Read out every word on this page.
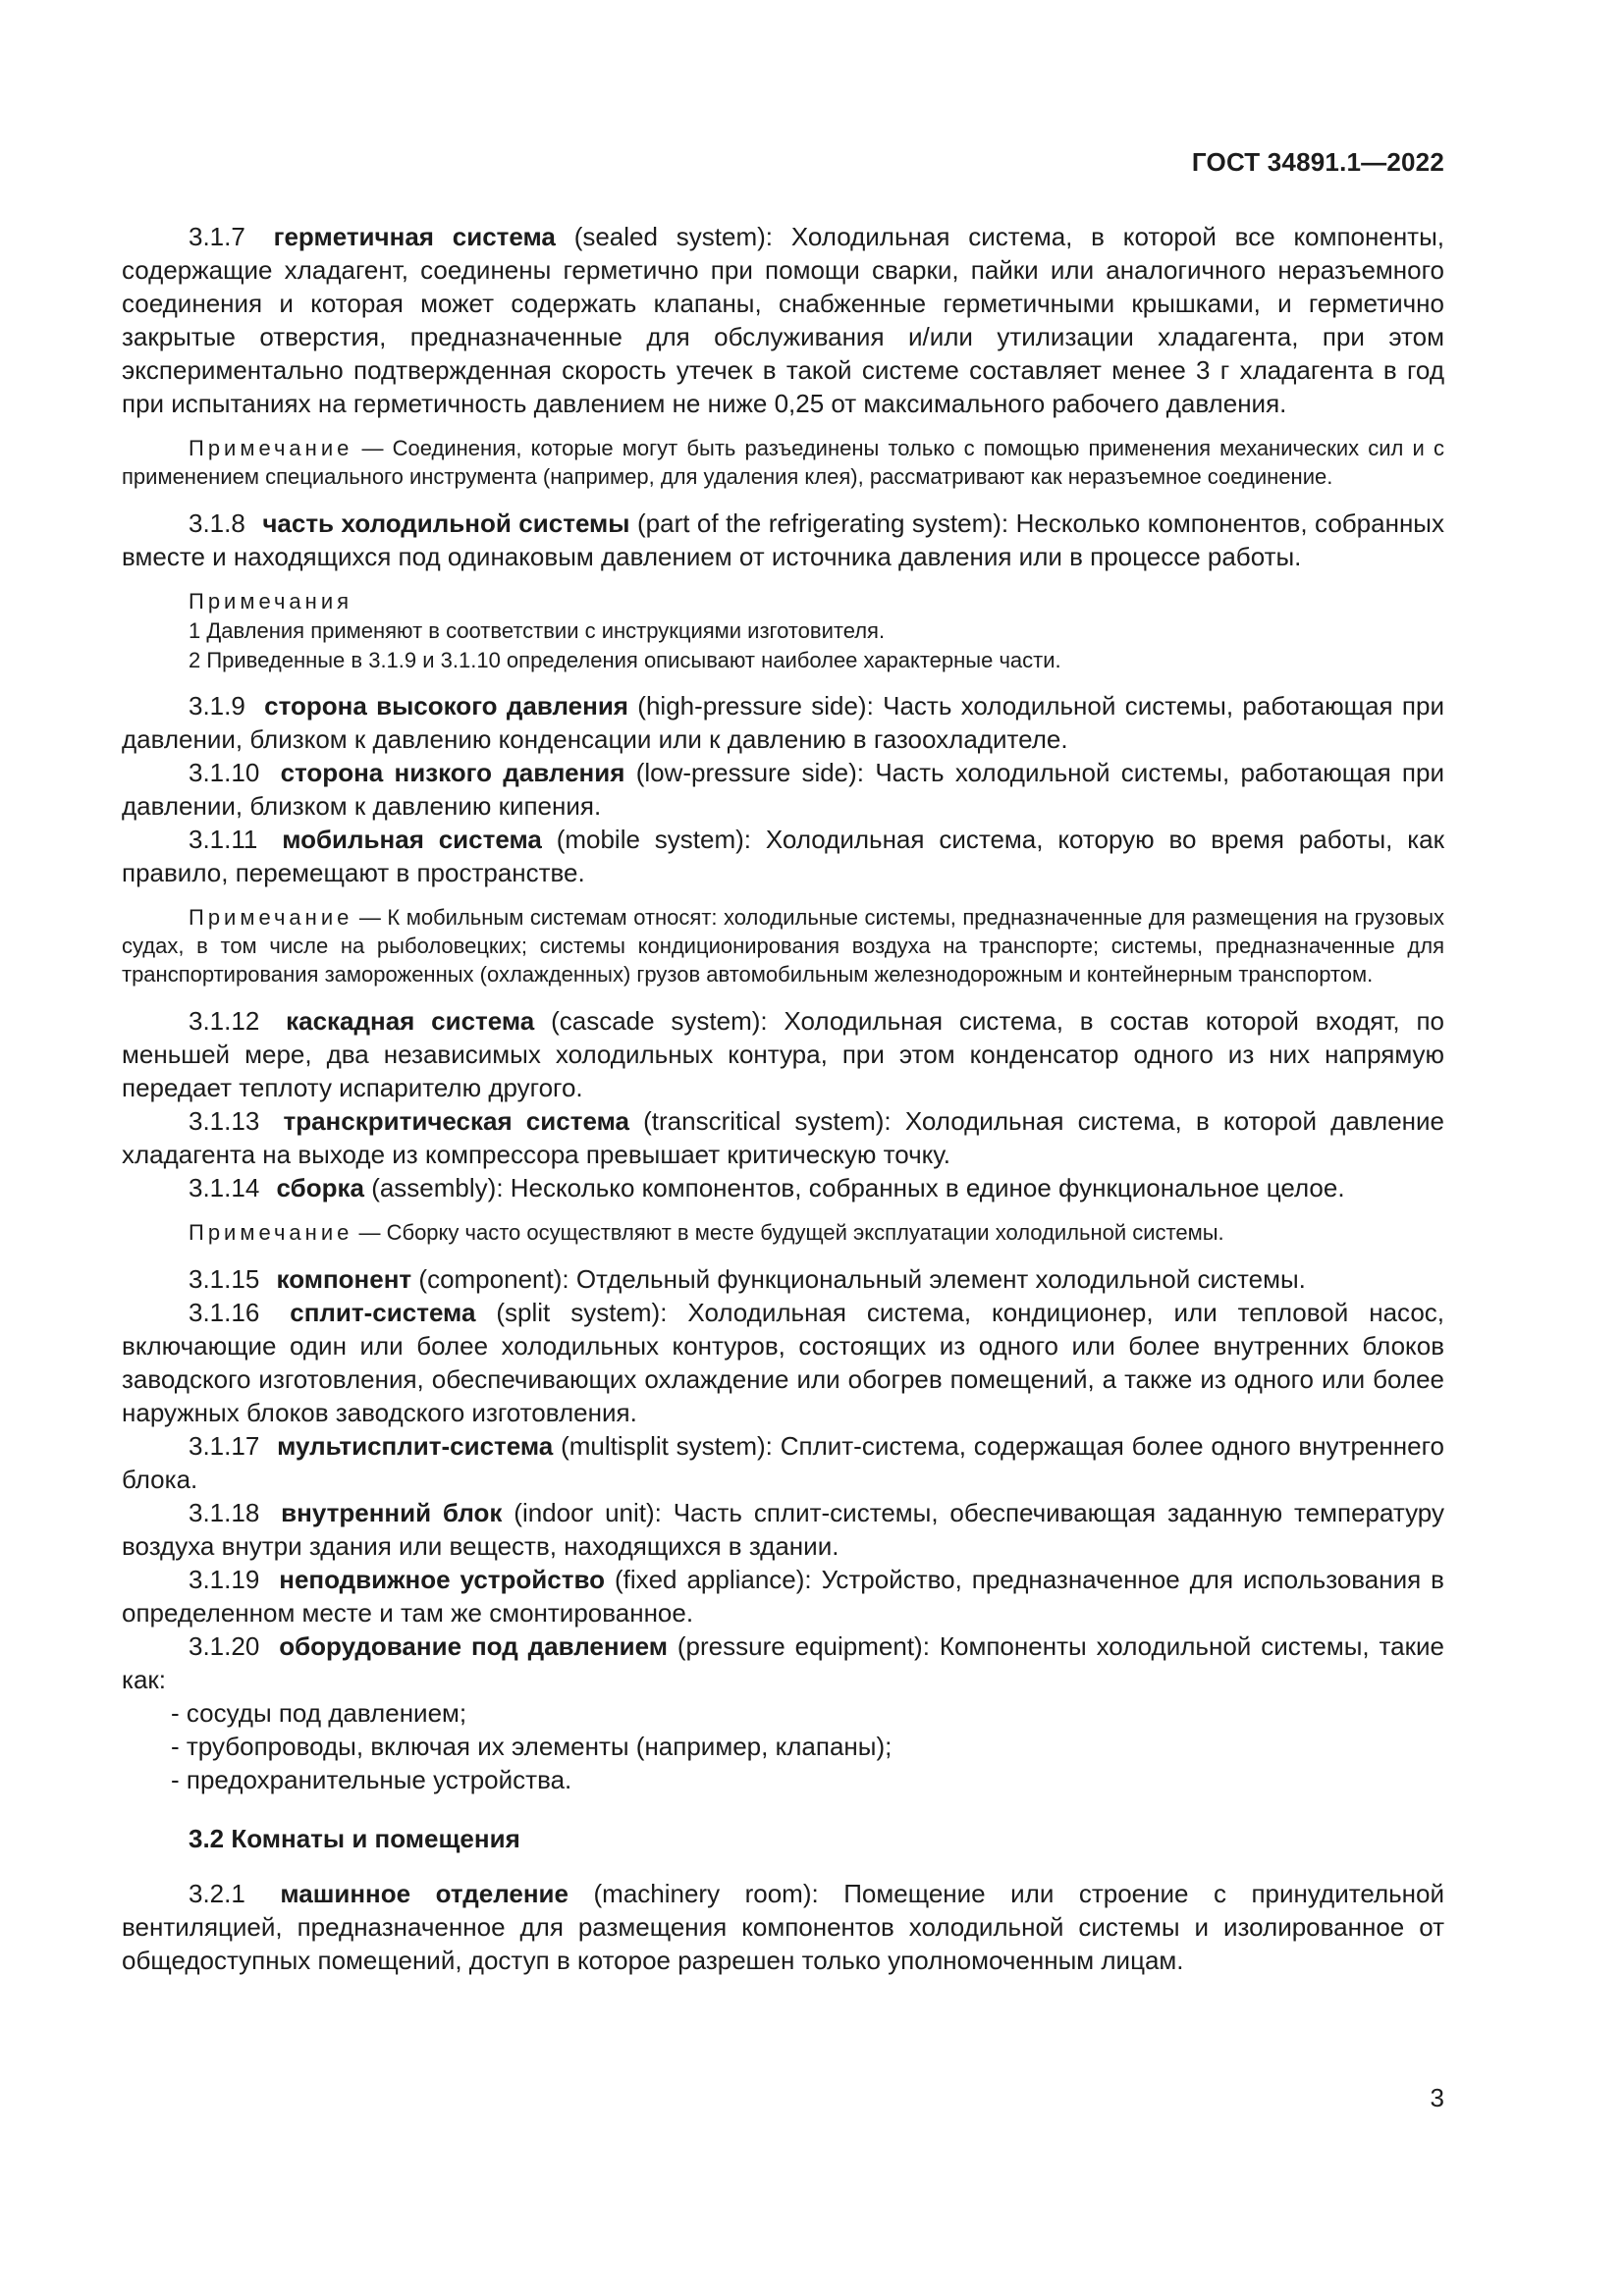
ГОСТ 34891.1—2022

3.1.7 герметичная система (sealed system): Холодильная система, в которой все компоненты, содержащие хладагент, соединены герметично при помощи сварки, пайки или аналогичного неразъемного соединения и которая может содержать клапаны, снабженные герметичными крышками, и герметично закрытые отверстия, предназначенные для обслуживания и/или утилизации хладагента, при этом экспериментально подтвержденная скорость утечек в такой системе составляет менее 3 г хладагента в год при испытаниях на герметичность давлением не ниже 0,25 от максимального рабочего давления.

Примечание — Соединения, которые могут быть разъединены только с помощью применения механических сил и с применением специального инструмента (например, для удаления клея), рассматривают как неразъемное соединение.

3.1.8 часть холодильной системы (part of the refrigerating system): Несколько компонентов, собранных вместе и находящихся под одинаковым давлением от источника давления или в процессе работы.

Примечания
1 Давления применяют в соответствии с инструкциями изготовителя.
2 Приведенные в 3.1.9 и 3.1.10 определения описывают наиболее характерные части.

3.1.9 сторона высокого давления (high-pressure side): Часть холодильной системы, работающая при давлении, близком к давлению конденсации или к давлению в газоохладителе.

3.1.10 сторона низкого давления (low-pressure side): Часть холодильной системы, работающая при давлении, близком к давлению кипения.

3.1.11 мобильная система (mobile system): Холодильная система, которую во время работы, как правило, перемещают в пространстве.

Примечание — К мобильным системам относят: холодильные системы, предназначенные для размещения на грузовых судах, в том числе на рыболовецких; системы кондиционирования воздуха на транспорте; системы, предназначенные для транспортирования замороженных (охлажденных) грузов автомобильным железнодорожным и контейнерным транспортом.

3.1.12 каскадная система (cascade system): Холодильная система, в состав которой входят, по меньшей мере, два независимых холодильных контура, при этом конденсатор одного из них напрямую передает теплоту испарителю другого.

3.1.13 транскритическая система (transcritical system): Холодильная система, в которой давление хладагента на выходе из компрессора превышает критическую точку.

3.1.14 сборка (assembly): Несколько компонентов, собранных в единое функциональное целое.

Примечание — Сборку часто осуществляют в месте будущей эксплуатации холодильной системы.

3.1.15 компонент (component): Отдельный функциональный элемент холодильной системы.

3.1.16 сплит-система (split system): Холодильная система, кондиционер, или тепловой насос, включающие один или более холодильных контуров, состоящих из одного или более внутренних блоков заводского изготовления, обеспечивающих охлаждение или обогрев помещений, а также из одного или более наружных блоков заводского изготовления.

3.1.17 мультисплит-система (multisplit system): Сплит-система, содержащая более одного внутреннего блока.

3.1.18 внутренний блок (indoor unit): Часть сплит-системы, обеспечивающая заданную температуру воздуха внутри здания или веществ, находящихся в здании.

3.1.19 неподвижное устройство (fixed appliance): Устройство, предназначенное для использования в определенном месте и там же смонтированное.

3.1.20 оборудование под давлением (pressure equipment): Компоненты холодильной системы, такие как:

- сосуды под давлением;
- трубопроводы, включая их элементы (например, клапаны);
- предохранительные устройства.
3.2 Комнаты и помещения

3.2.1 машинное отделение (machinery room): Помещение или строение с принудительной вентиляцией, предназначенное для размещения компонентов холодильной системы и изолированное от общедоступных помещений, доступ в которое разрешен только уполномоченным лицам.

3
